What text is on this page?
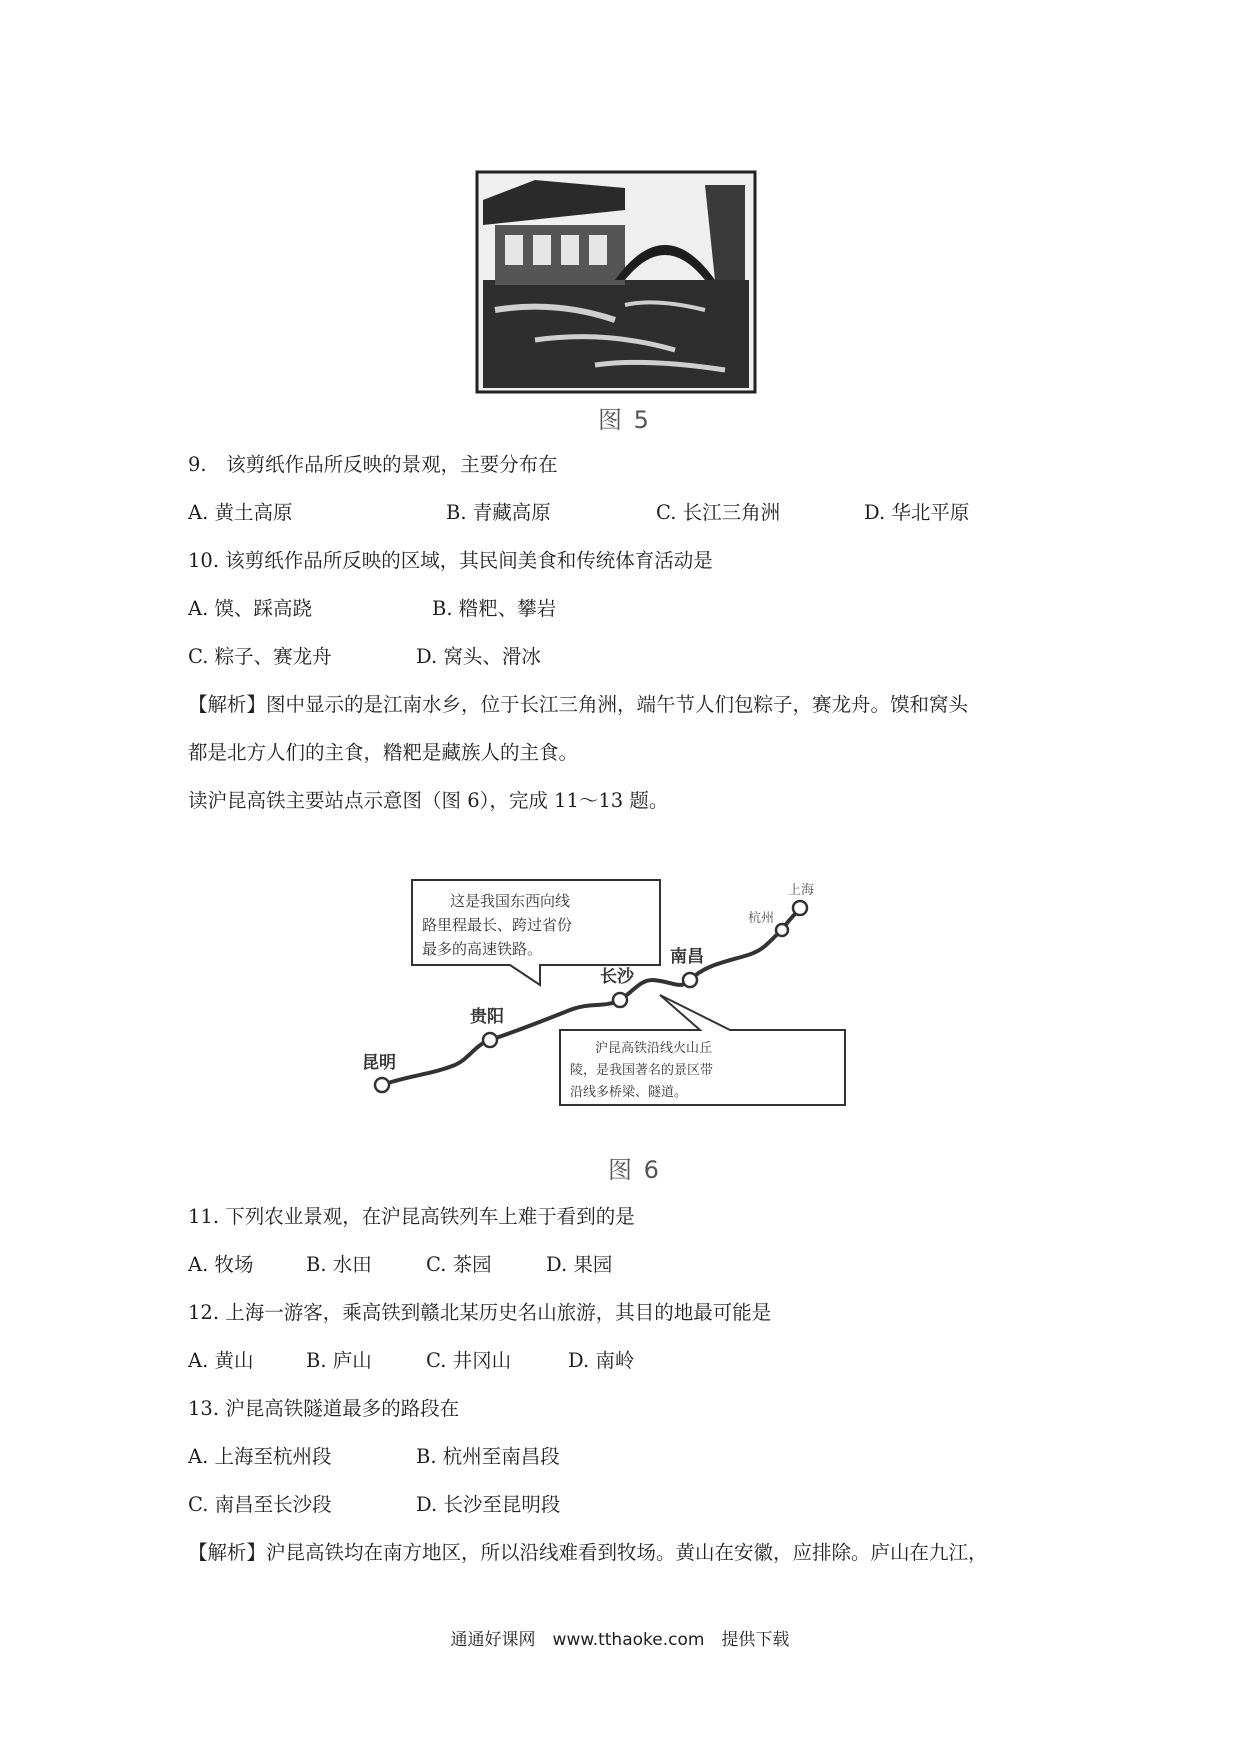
图 5
9.　该剪纸作品所反映的景观，主要分布在
A. 黄土高原	B. 青藏高原	C. 长江三角洲	D. 华北平原
10. 该剪纸作品所反映的区域，其民间美食和传统体育活动是
A. 馍、踩高跷	B. 糌粑、攀岩
C. 粽子、赛龙舟	D. 窝头、滑冰
【解析】图中显示的是江南水乡，位于长江三角洲，端午节人们包粽子，赛龙舟。馍和窝头
都是北方人们的主食，糌粑是藏族人的主食。
读沪昆高铁主要站点示意图（图 6），完成 11～13 题。
这是我国东西向线
路里程最长、跨过省份
最多的高速铁路。
昆明
贵阳
长沙
南昌
杭州
上海
沪昆高铁沿线火山丘
陵，是我国著名的景区带
沿线多桥梁、隧道。
图 6
11. 下列农业景观，在沪昆高铁列车上难于看到的是
A. 牧场	B. 水田	C. 茶园	D. 果园
12. 上海一游客，乘高铁到赣北某历史名山旅游，其目的地最可能是
A. 黄山	B. 庐山	C. 井冈山	D. 南岭
13. 沪昆高铁隧道最多的路段在
A. 上海至杭州段	B. 杭州至南昌段
C. 南昌至长沙段	D. 长沙至昆明段
【解析】沪昆高铁均在南方地区，所以沿线难看到牧场。黄山在安徽，应排除。庐山在九江，
通通好课网　www.tthaoke.com　提供下载
